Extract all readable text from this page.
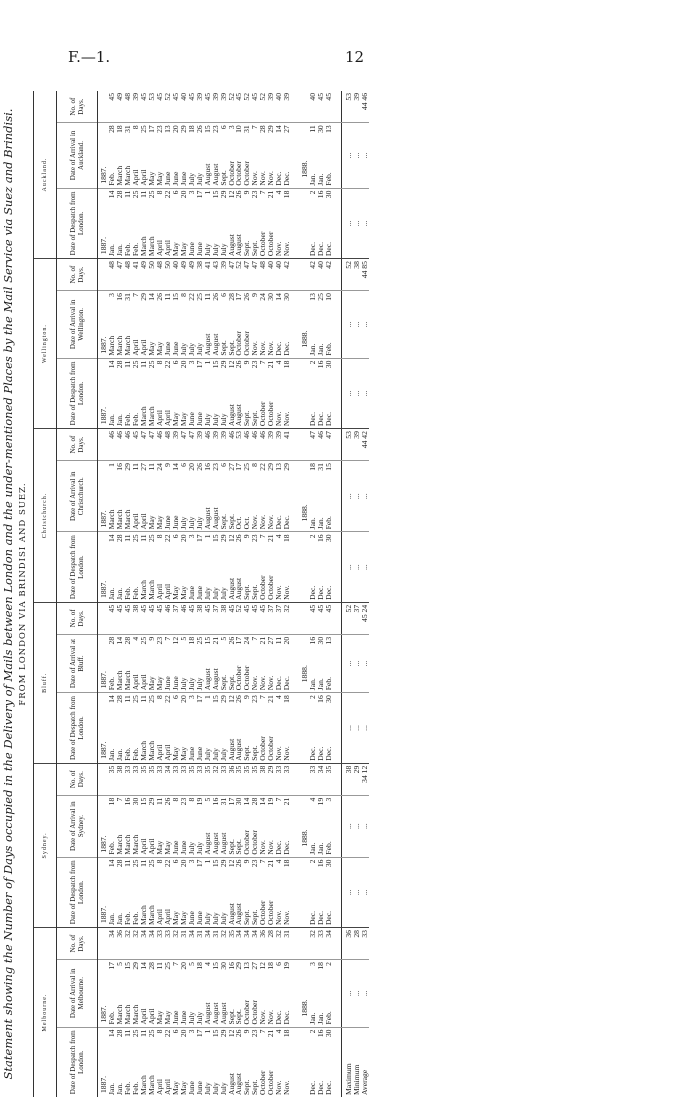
F.—1.	12
Statement showing the Number of Days occupied in the Delivery of Mails between London and the under-mentioned Places by the Mail Service via Suez and Brindisi. FROM LONDON VIA BRINDISI AND SUEZ.
Melbourne.					Sydney.					Bluff.					Christchurch.					Wellington.					Auckland.				
Date of Despatch from London.		Date of Arrival in Melbourne.		No. of Days.	Date of Despatch from London.		Date of Arrival in Sydney.		No. of Days.	Date of Despatch from London.		Date of Arrival at Bluff.		No. of Days.	Date of Despatch from London.		Date of Arrival in Christchurch.		No. of Days.	Date of Despatch from London.		Date of Arrival in Wellington.		No. of Days.	Date of Despatch from London.		Date of Arrival in Auckland.		No. of Days.
1887.		1887.			1887.		1887.			1887.		1887.			1887.		1887.			1887.		1887.			1887.		1887.		
Jan.	14	Feb.	17	34	Jan.	14	Feb.	18	35	Jan.	14	Feb.	28	45	Jan.	14	March	1	46	Jan.	14	March	3	48	Jan.	14	Feb.	28	45
Jan.	28	March	5	36	Jan.	28	March	7	38	Jan.	28	March	14	45	Jan.	28	March	16	46	Jan.	28	March	16	47	Jan.	28	March	18	49
Feb.	11	March	15	32	Feb.	11	March	16	33	Feb.	11	March	28	45	Feb.	11	March	29	46	Feb.	11	March	31	48	Feb.	11	March	31	48
Feb.	25	March	29	32	Feb.	25	March	30	33	Feb.	25	April	4	38	Feb.	25	April	11	45	Feb.	25	April	7	41	Feb.	25	April	8	39
March	11	April	14	34	March	11	April	15	35	March	11	April	25	45	March	11	April	27	47	March	11	April	29	49	March	11	April	25	45
March	25	April	28	34	March	25	April	29	35	March	25	May	9	45	March	25	May	11	47	March	25	May	14	50	March	25	May	17	53
April	8	May	11	33	April	8	May	11	33	April	8	May	23	45	April	8	May	24	46	April	8	May	26	48	April	8	May	23	45
April	22	May	25	33	April	22	May	26	34	April	22	June	7	46	April	22	June	9	48	April	22	June	11	50	April	22	June	13	52
May	6	June	7	32	May	6	June	8	33	May	6	June	12	37	May	6	June	14	39	May	6	June	15	40	May	6	June	20	45
May	20	June	20	31	May	20	June	23	33	May	20	July	5	46	May	20	July	6	47	May	20	July	8	49	May	20	June	29	40
June	3	July	5	34	June	3	July	8	35	June	3	July	18	45	June	3	July	20	47	June	3	July	22	49	June	3	July	18	45
June	17	July	18	31	June	17	July	19	33	June	17	July	25	38	June	17	July	26	39	June	17	July	25	38	June	17	July	26	39
July	1	August	4	34	July	1	August	5	35	July	1	August	15	45	July	1	August	16	46	July	1	August	11	41	July	1	August	15	45
July	15	August	15	31	July	15	August	16	32	July	15	August	21	37	July	15	August	23	39	July	15	August	26	43	July	15	August	23	39
July	29	August	30	32	July	29	August	31	33	July	29	Sept.	5	38	July	29	Sept.	6	39	July	29	Sept.	6	39	July	29	Sept.	6	39
August	12	Sept.	16	35	August	12	Sept.	17	36	August	12	Sept.	26	45	August	12	Sept.	27	46	August	12	Sept.	28	47	August	12	October	3	52
August	26	Sept.	29	34	August	26	Sept.	30	35	August	26	October	17	52	August	26	Oct.	17	53	August	26	October	17	52	August	26	October	10	45
Sept.	9	October	13	34	Sept.	9	October	14	35	Sept.	9	October	24	45	Sept.	9	Oct.	25	46	Sept.	9	October	26	47	Sept.	9	October	31	52
Sept.	23	October	27	34	Sept.	23	October	28	35	Sept.	23	Nov.	7	45	Sept.	23	Nov.	8	46	Sept.	23	Nov.	9	47	Sept.	23	Nov.	7	45
October	7	Nov.	12	36	October	7	Nov.	14	38	October	7	Nov.	21	45	October	7	Nov.	22	46	October	7	Nov.	24	48	October	7	Nov.	28	52
October	21	Nov.	18	28	October	21	Nov.	19	29	October	21	Nov.	27	37	October	21	Nov.	29	39	October	21	Nov.	30	40	October	21	Nov.	29	39
Nov.	4	Dec.	6	32	Nov.	4	Dec.	7	33	Nov.	4	Dec.	11	37	Nov.	4	Dec.	13	39	Nov.	4	Dec.	14	40	Nov.	4	Dec.	14	40
Nov.	18	Dec.	19	31	Nov.	18	Dec.	21	33	Nov.	18	Dec.	20	32	Nov.	18	Dec.	29	41	Nov.	18	Dec.	30	42	Nov.	18	Dec.	27	39

		1888.					1888.					1888.					1888.					1888.					1888.		
Dec.	2	Jan.	3	32	Dec.	2	Jan.	4	33	Dec.	2	Jan.	16	45	Dec.	2	Jan.	18	47	Dec.	2	Jan.	13	42	Dec.	2	Jan.	11	40
Dec.	16	Jan.	18	33	Dec.	16	Jan.	19	34	Dec.	16	Jan.	30	45	Dec.	16	Jan.	31	46	Dec.	16	Jan.	25	40	Dec.	16	Jan.	30	45
Dec.	30	Feb.	2	34	Dec.	30	Feb.	3	35	Dec.	30	Feb.	13	45	Dec.	30	Feb.	15	47	Dec.	30	Feb.	10	42	Dec.	30	Feb.	13	45

Maximum		...		36	...		...		38	...		...		52	...		...		53	...		...		52	...		...		53
Minimum		...		28	...		...		29	...		...		37	...		...		39	...		...		38	...		...		39
Average		...		33	...		...		34 12	...		...		45 24	...		...		44 42	...		...		44 85	...		...		44 46
